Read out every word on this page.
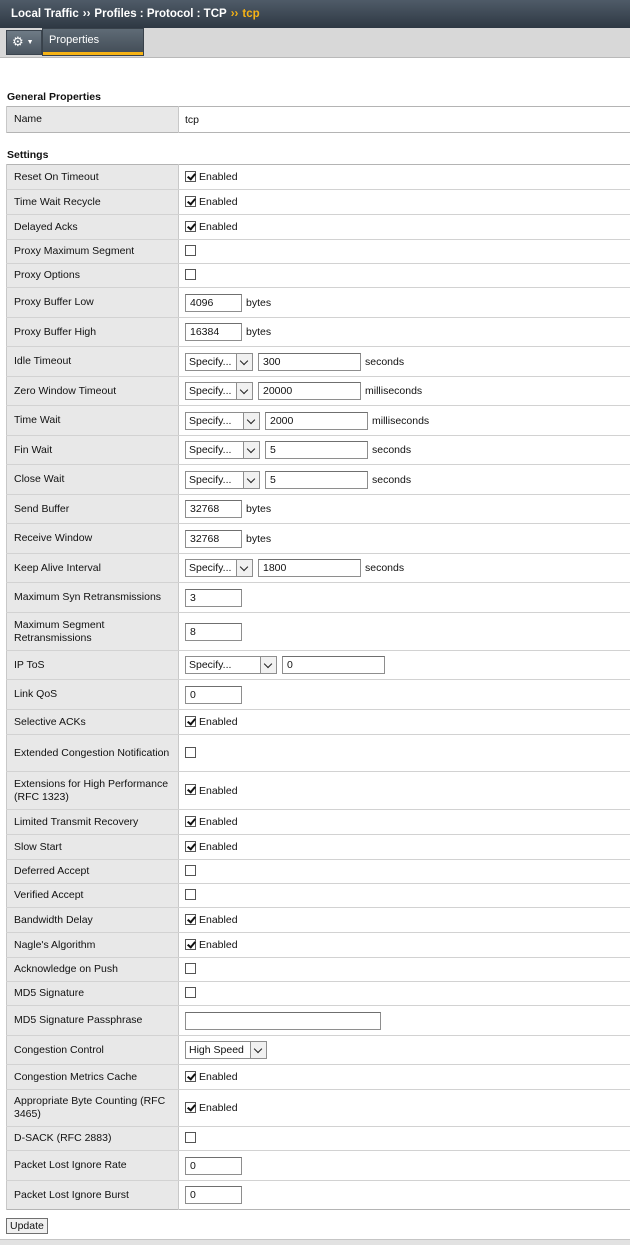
Local Traffic ›› Profiles : Protocol : TCP ›› tcp
⚙ ▼	Properties
General Properties
Name	tcp
Settings
Reset On Timeout	Enabled
Time Wait Recycle	Enabled
Delayed Acks	Enabled
Proxy Maximum Segment	
Proxy Options	
Proxy Buffer Low	4096 bytes
Proxy Buffer High	16384 bytes
Idle Timeout	Specify... 300 seconds
Zero Window Timeout	Specify... 20000 milliseconds
Time Wait	Specify... 2000 milliseconds
Fin Wait	Specify... 5 seconds
Close Wait	Specify... 5 seconds
Send Buffer	32768 bytes
Receive Window	32768 bytes
Keep Alive Interval	Specify... 1800 seconds
Maximum Syn Retransmissions	3
Maximum Segment Retransmissions	8
IP ToS	Specify... 0
Link QoS	0
Selective ACKs	Enabled
Extended Congestion Notification	
Extensions for High Performance (RFC 1323)	Enabled
Limited Transmit Recovery	Enabled
Slow Start	Enabled
Deferred Accept	
Verified Accept	
Bandwidth Delay	Enabled
Nagle's Algorithm	Enabled
Acknowledge on Push	
MD5 Signature	
MD5 Signature Passphrase	
Congestion Control	High Speed

Congestion Metrics Cache	Enabled
Appropriate Byte Counting (RFC 3465)	Enabled
D-SACK (RFC 2883)	
Packet Lost Ignore Rate	0
Packet Lost Ignore Burst	0
Update
